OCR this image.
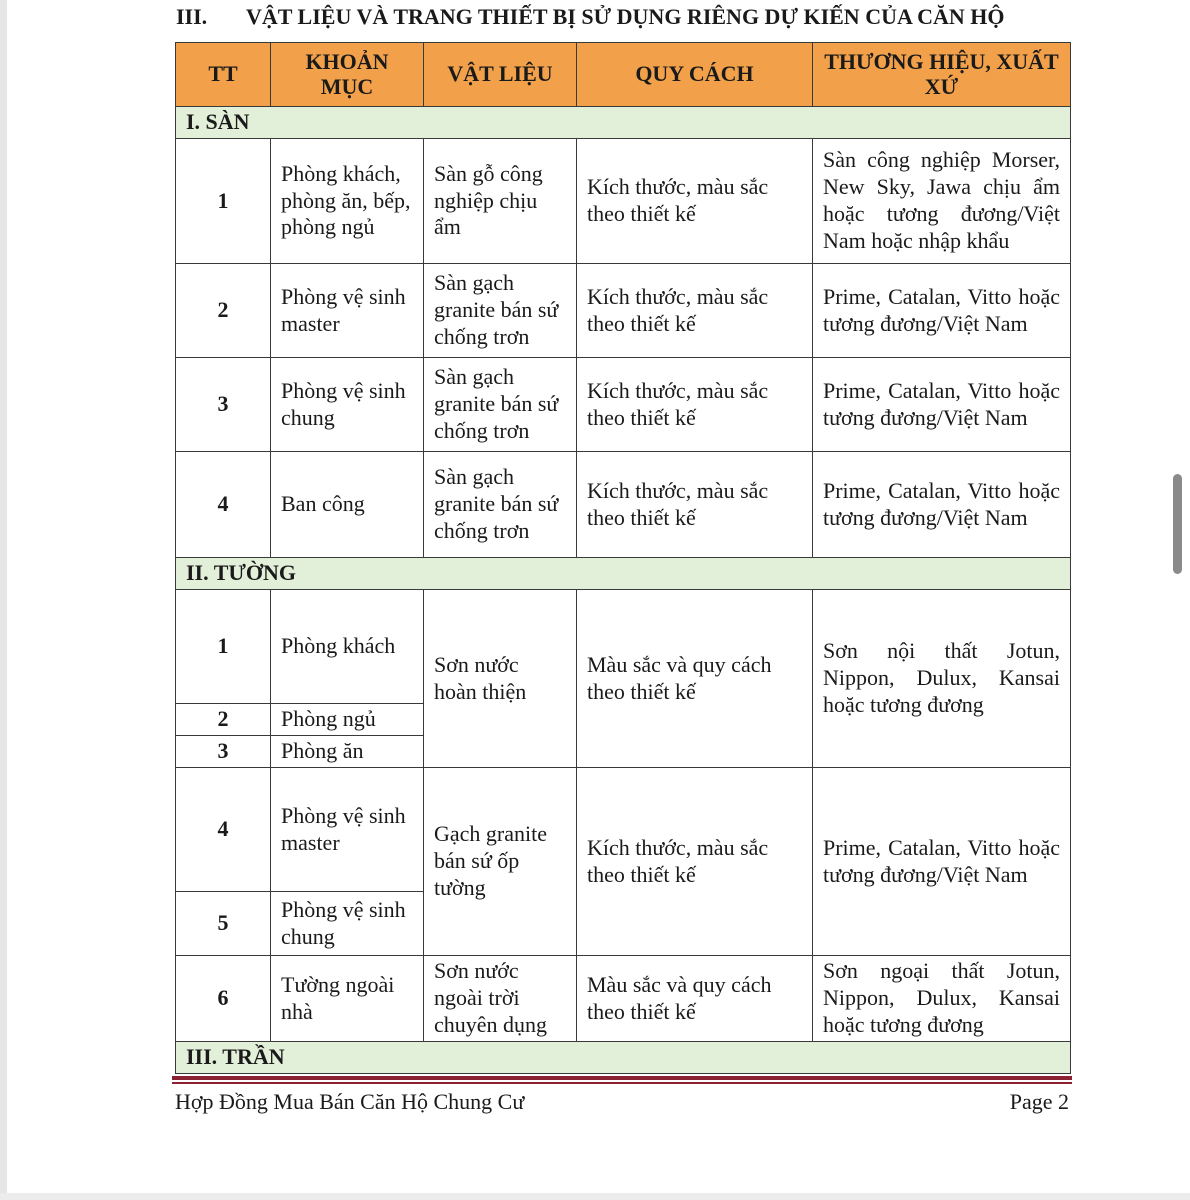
III. VẬT LIỆU VÀ TRANG THIẾT BỊ SỬ DỤNG RIÊNG DỰ KIẾN CỦA CĂN HỘ
TT	KHOẢN MỤC	VẬT LIỆU	QUY CÁCH	THƯƠNG HIỆU, XUẤT XỨ
I. SÀN				
1	Phòng khách, phòng ăn, bếp, phòng ngủ	Sàn gỗ công nghiệp chịu ẩm	Kích thước, màu sắc theo thiết kế	Sàn công nghiệp Morser, New Sky, Jawa chịu ẩm hoặc tương đương/Việt Nam hoặc nhập khẩu
2	Phòng vệ sinh master	Sàn gạch granite bán sứ chống trơn	Kích thước, màu sắc theo thiết kế	Prime, Catalan, Vitto hoặc tương đương/Việt Nam
3	Phòng vệ sinh chung	Sàn gạch granite bán sứ chống trơn	Kích thước, màu sắc theo thiết kế	Prime, Catalan, Vitto hoặc tương đương/Việt Nam
4	Ban công	Sàn gạch granite bán sứ chống trơn	Kích thước, màu sắc theo thiết kế	Prime, Catalan, Vitto hoặc tương đương/Việt Nam
II. TƯỜNG				
1	Phòng khách	Sơn nước hoàn thiện	Màu sắc và quy cách theo thiết kế	Sơn nội thất Jotun, Nippon, Dulux, Kansai hoặc tương đương
2	Phòng ngủ			
3	Phòng ăn			
4	Phòng vệ sinh master	Gạch granite bán sứ ốp tường	Kích thước, màu sắc theo thiết kế	Prime, Catalan, Vitto hoặc tương đương/Việt Nam
5	Phòng vệ sinh chung			
6	Tường ngoài nhà	Sơn nước ngoài trời chuyên dụng	Màu sắc và quy cách theo thiết kế	Sơn ngoại thất Jotun, Nippon, Dulux, Kansai hoặc tương đương
III. TRẦN				
Hợp Đồng Mua Bán Căn Hộ Chung Cư	Page 2
